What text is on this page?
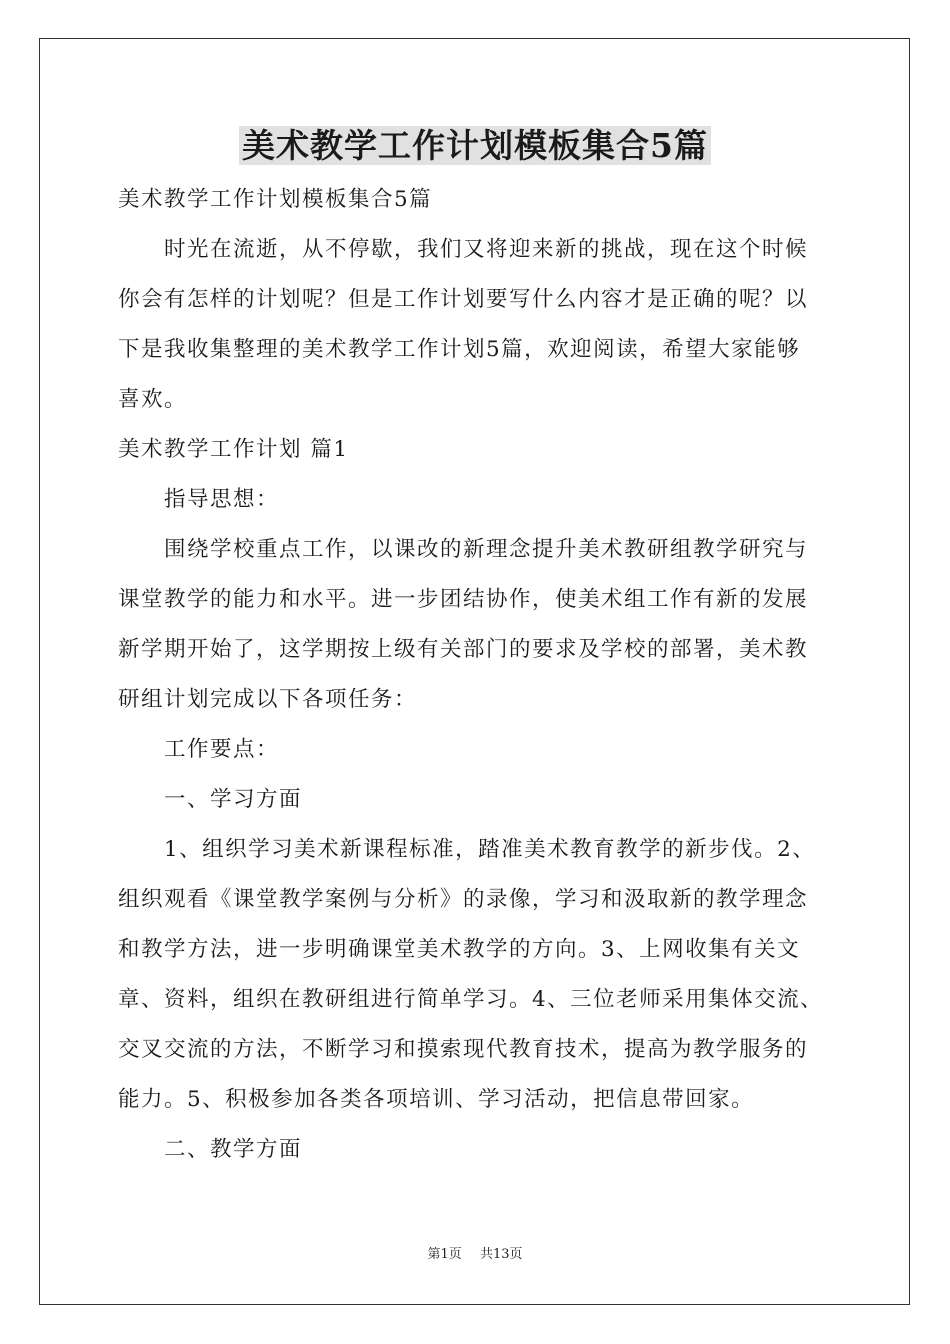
美术教学工作计划模板集合5篇
美术教学工作计划模板集合5篇
时光在流逝，从不停歇，我们又将迎来新的挑战，现在这个时候
你会有怎样的计划呢？但是工作计划要写什么内容才是正确的呢？以
下是我收集整理的美术教学工作计划5篇，欢迎阅读，希望大家能够
喜欢。
美术教学工作计划 篇1
指导思想：
围绕学校重点工作，以课改的新理念提升美术教研组教学研究与
课堂教学的能力和水平。进一步团结协作，使美术组工作有新的发展
新学期开始了，这学期按上级有关部门的要求及学校的部署，美术教
研组计划完成以下各项任务：
工作要点：
一、学习方面
1、组织学习美术新课程标准，踏准美术教育教学的新步伐。2、
组织观看《课堂教学案例与分析》的录像，学习和汲取新的教学理念
和教学方法，进一步明确课堂美术教学的方向。3、上网收集有关文
章、资料，组织在教研组进行简单学习。4、三位老师采用集体交流、
交叉交流的方法，不断学习和摸索现代教育技术，提高为教学服务的
能力。5、积极参加各类各项培训、学习活动，把信息带回家。
二、教学方面
第1页 共13页
